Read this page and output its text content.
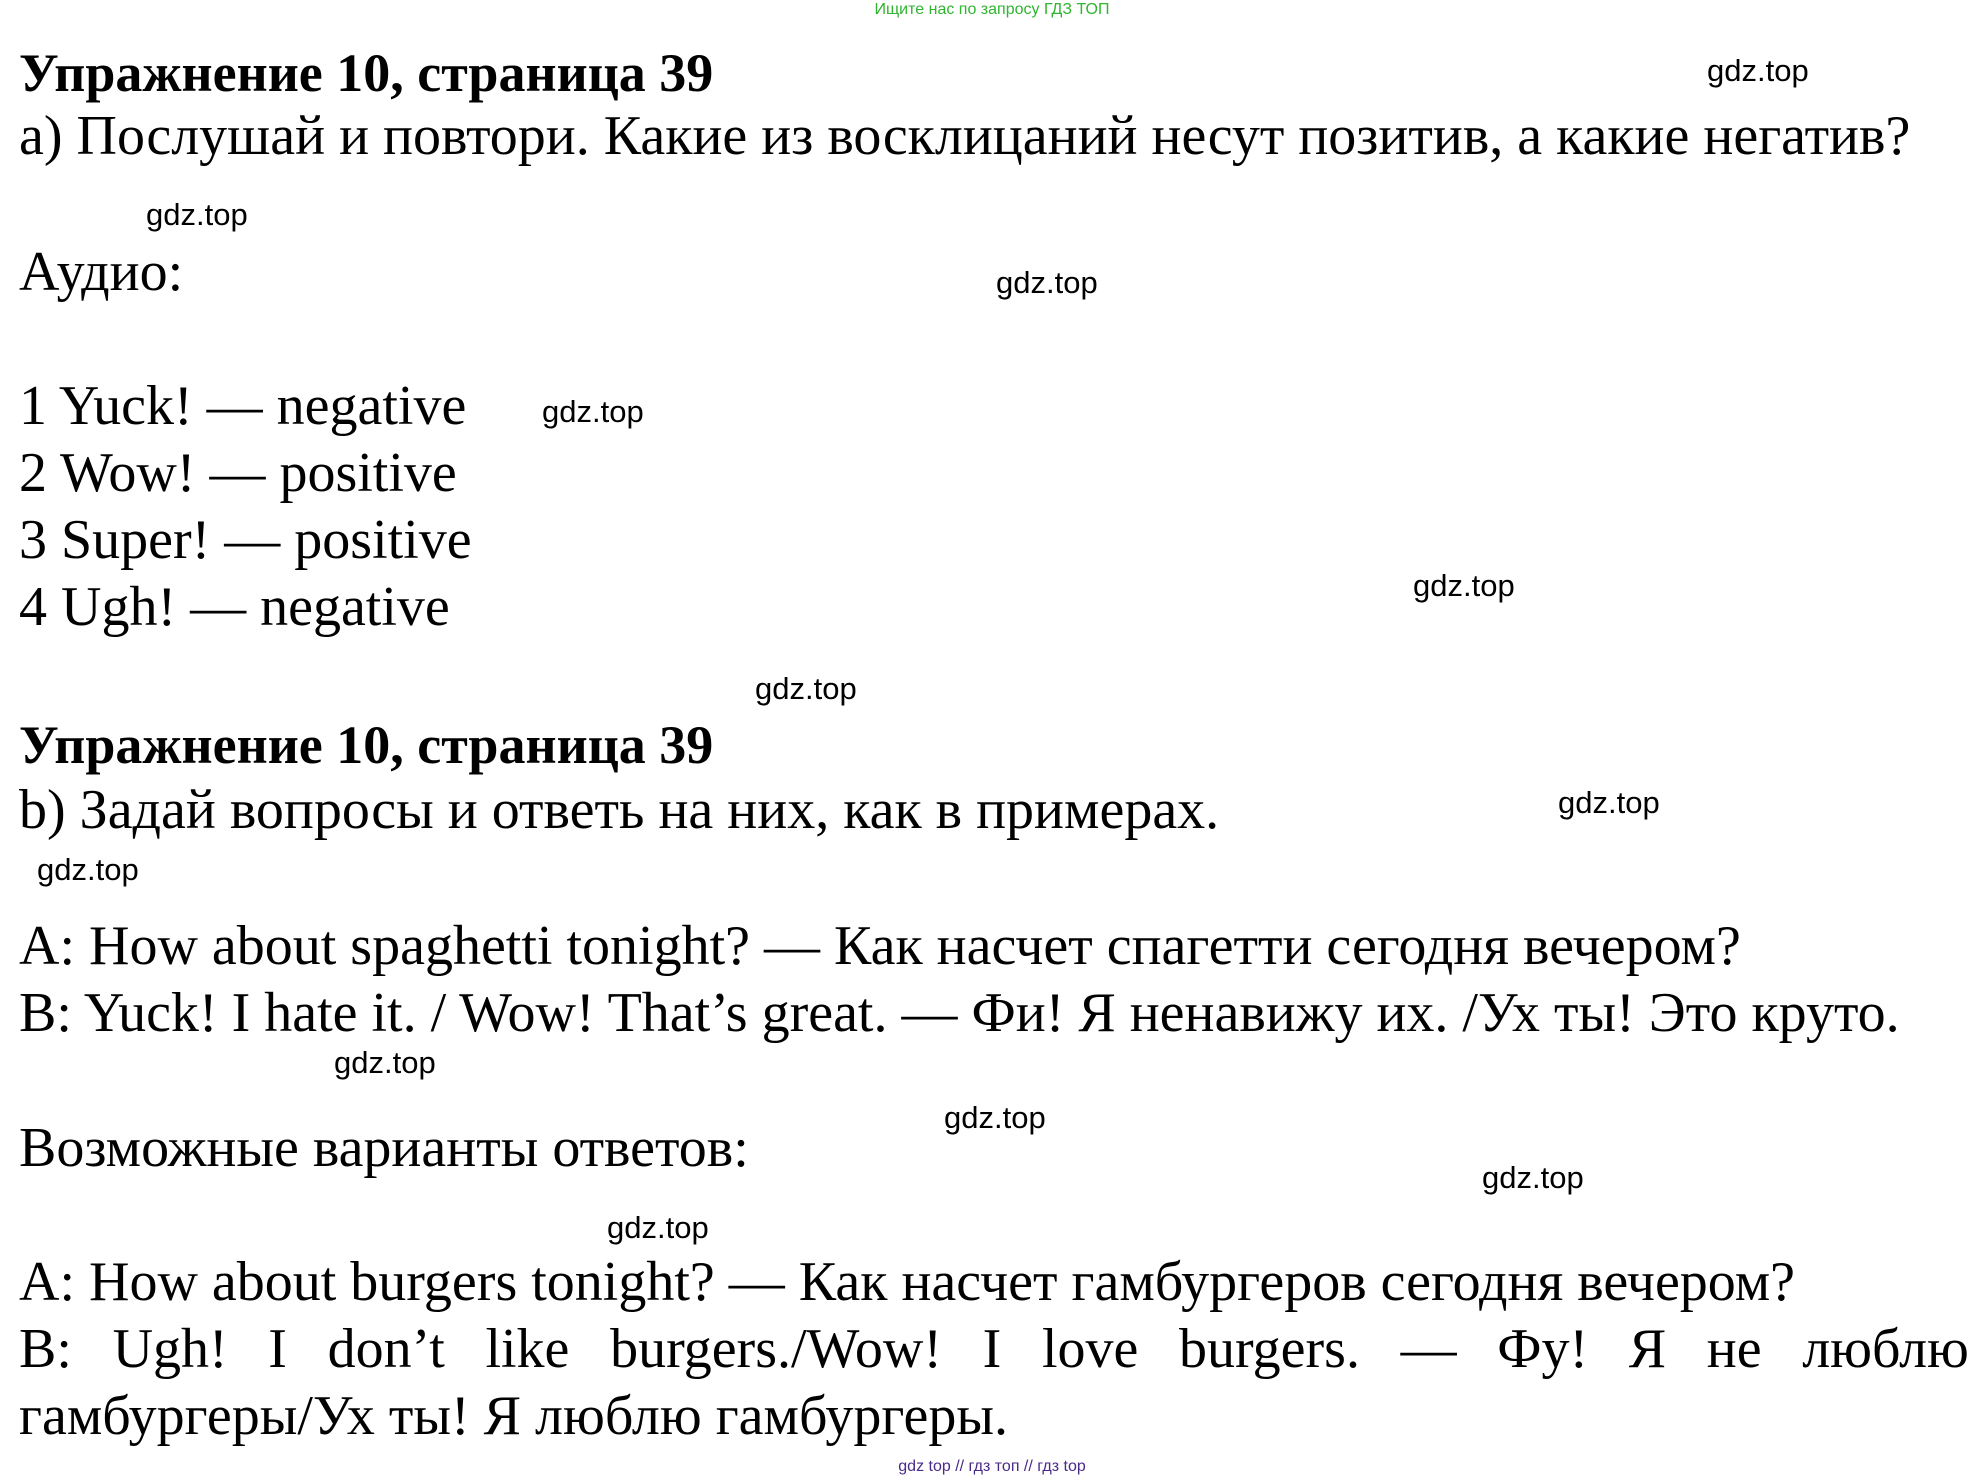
Ищите нас по запросу ГДЗ ТОП
Упражнение 10, страница 39
a) Послушай и повтори. Какие из восклицаний несут позитив, а какие негатив?
Аудио:
1 Yuck! — negative
2 Wow! — positive
3 Super! — positive
4 Ugh! — negative
Упражнение 10, страница 39
b) Задай вопросы и ответь на них, как в примерах.
A: How about spaghetti tonight? — Как насчет спагетти сегодня вечером?
B: Yuck! I hate it. / Wow! That’s great. — Фи! Я ненавижу их. /Ух ты! Это круто.
Возможные варианты ответов:
A: How about burgers tonight? — Как насчет гамбургеров сегодня вечером?
B: Ugh! I don’t like burgers./Wow! I love burgers. — Фу! Я не люблю
гамбургеры/Ух ты! Я люблю гамбургеры.
gdz.top
gdz.top
gdz.top
gdz.top
gdz.top
gdz.top
gdz.top
gdz.top
gdz.top
gdz.top
gdz.top
gdz.top
gdz top // гдз топ // гдз top
